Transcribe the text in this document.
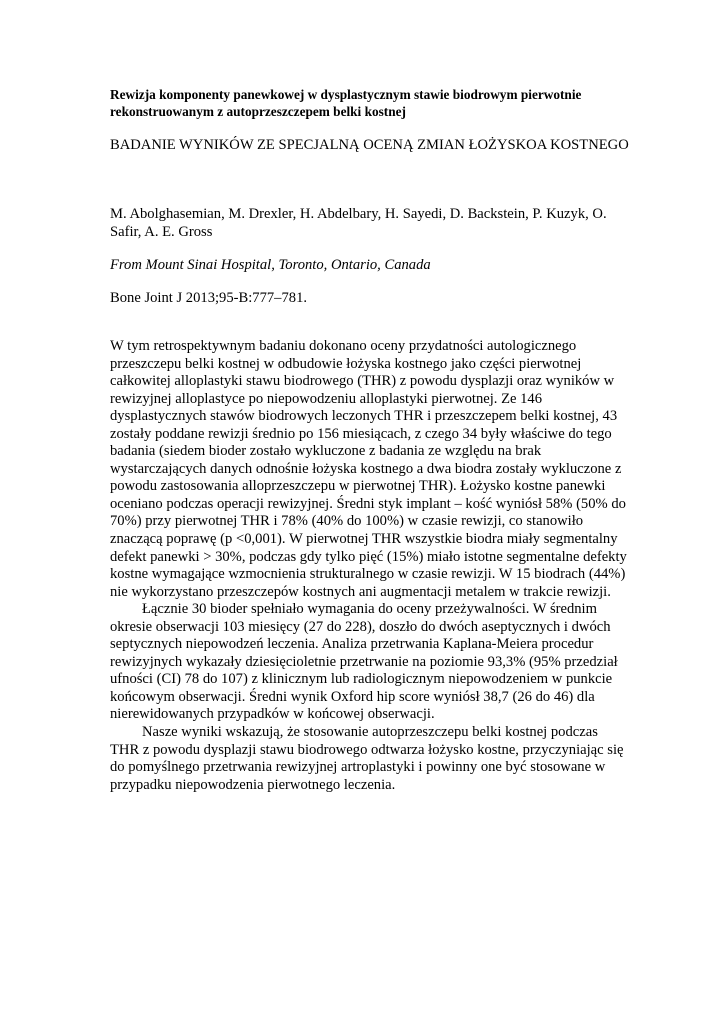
Rewizja komponenty panewkowej w dysplastycznym stawie biodrowym pierwotnie rekonstruowanym z autoprzeszczepem belki kostnej
BADANIE WYNIKÓW ZE SPECJALNĄ OCENĄ ZMIAN ŁOŻYSKOA KOSTNEGO
M. Abolghasemian, M. Drexler, H. Abdelbary, H. Sayedi, D. Backstein, P. Kuzyk, O. Safir, A. E. Gross
From Mount Sinai Hospital, Toronto, Ontario, Canada
Bone Joint J 2013;95-B:777–781.

W tym retrospektywnym badaniu dokonano oceny przydatności autologicznego przeszczepu belki kostnej w odbudowie łożyska kostnego jako części pierwotnej całkowitej alloplastyki stawu biodrowego (THR) z powodu dysplazji oraz wyników w rewizyjnej alloplastyce po niepowodzeniu alloplastyki pierwotnej. Ze 146 dysplastycznych stawów biodrowych leczonych THR i przeszczepem belki kostnej, 43 zostały poddane rewizji średnio po 156 miesiącach, z czego 34 były właściwe do tego badania (siedem bioder zostało wykluczone z badania ze względu na brak wystarczających danych odnośnie łożyska kostnego a dwa biodra zostały wykluczone z powodu zastosowania alloprzeszczepu w pierwotnej THR). Łożysko kostne panewki oceniano podczas operacji rewizyjnej. Średni styk implant – kość wyniósł 58% (50% do 70%) przy pierwotnej THR i 78% (40% do 100%) w czasie rewizji, co stanowiło znaczącą poprawę (p <0,001). W pierwotnej THR wszystkie biodra miały segmentalny defekt panewki > 30%, podczas gdy tylko pięć (15%) miało istotne segmentalne defekty kostne wymagające wzmocnienia strukturalnego w czasie rewizji. W 15 biodrach (44%) nie wykorzystano przeszczepów kostnych ani augmentacji metalem w trakcie rewizji.

Łącznie 30 bioder spełniało wymagania do oceny przeżywalności. W średnim okresie obserwacji 103 miesięcy (27 do 228), doszło do dwóch aseptycznych i dwóch septycznych niepowodzeń leczenia. Analiza przetrwania Kaplana-Meiera procedur rewizyjnych wykazały dziesięcioletnie przetrwanie na poziomie 93,3% (95% przedział ufności (CI) 78 do 107) z klinicznym lub radiologicznym niepowodzeniem w punkcie końcowym obserwacji. Średni wynik Oxford hip score wyniósł 38,7 (26 do 46) dla nierewidowanych przypadków w końcowej obserwacji.

Nasze wyniki wskazują, że stosowanie autoprzeszczepu belki kostnej podczas THR z powodu dysplazji stawu biodrowego odtwarza łożysko kostne, przyczyniając się do pomyślnego przetrwania rewizyjnej artroplastyki i powinny one być stosowane w przypadku niepowodzenia pierwotnego leczenia.
